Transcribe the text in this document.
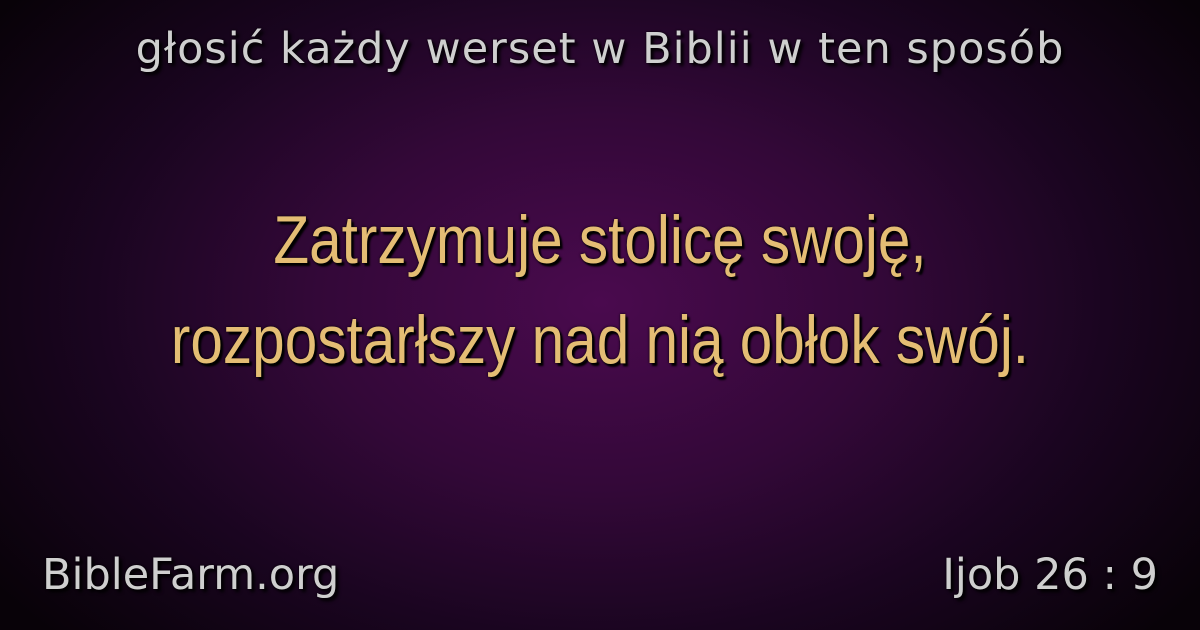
głosić każdy werset w Biblii w ten sposób
Zatrzymuje stolicę swoję,
rozpostarłszy nad nią obłok swój.
BibleFarm.org	Ijob 26 : 9
